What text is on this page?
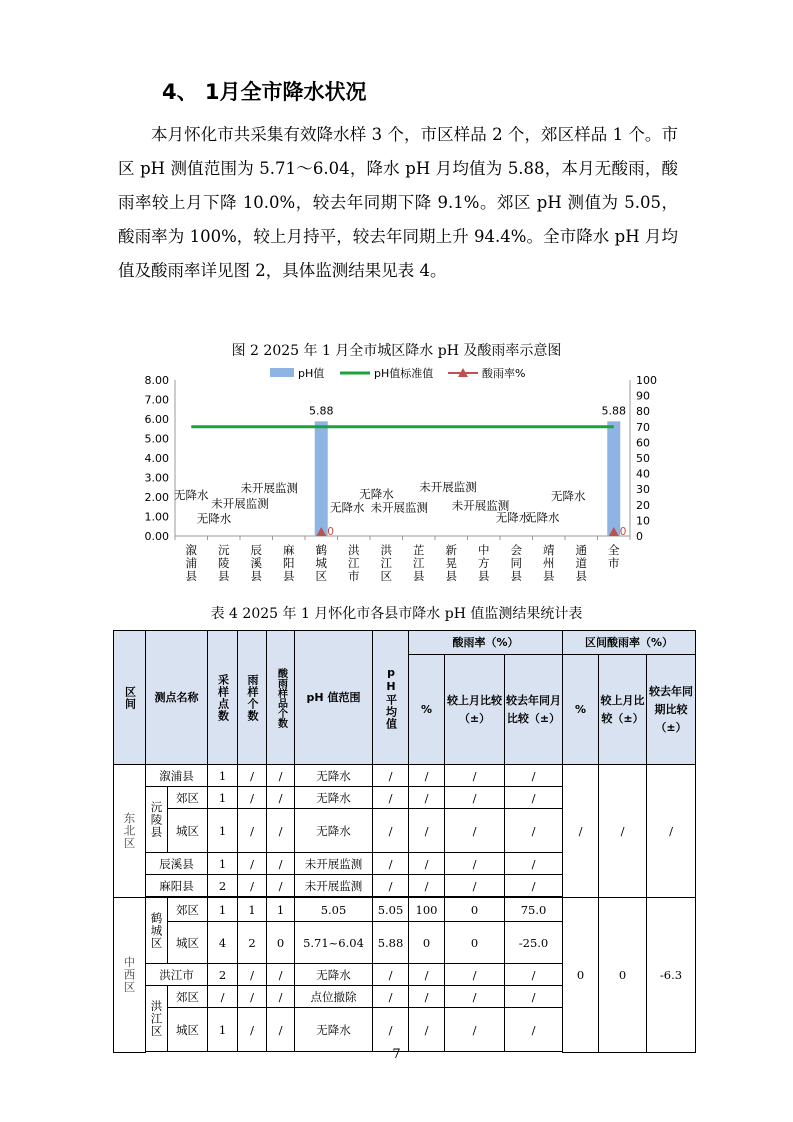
4、 1月全市降水状况
本月怀化市共采集有效降水样 3 个，市区样品 2 个，郊区样品 1 个。市区 pH 测值范围为 5.71～6.04，降水 pH 月均值为 5.88，本月无酸雨，酸雨率较上月下降 10.0%，较去年同期下降 9.1%。郊区 pH 测值为 5.05，酸雨率为 100%，较上月持平，较去年同期上升 94.4%。全市降水 pH 月均值及酸雨率详见图 2，具体监测结果见表 4。
图 2 2025 年 1 月全市城区降水 pH 及酸雨率示意图
0.00
1.00
2.00
3.00
4.00
5.00
6.00
7.00
8.00
0
10
20
30
40
50
60
70
80
90
100
溆浦县
沅陵县
辰溪县
麻阳县
鹤城区
洪江市
洪江区
芷江县
新晃县
中方县
会同县
靖州县
通道县
全市
5.88	5.88
0	0
无降水
无降水
未开展监测
未开展监测
无降水
无降水
未开展监测
未开展监测
未开展监测
无降水
无降水
无降水
pH值	pH值标准值	酸雨率%
表 4 2025 年 1 月怀化市各县市降水 pH 值监测结果统计表
区间	测点名称		采样点数	雨样个数	酸雨样品个数	pH 值范围	pH平均值	酸雨率（%）			区间酸雨率（%）		
								%	较上月比较（±）	较去年同月比较（±）	%	较上月比较（±）	较去年同期比较（±）

东北区	溆浦县		1	/	/	无降水	/	/	/	/	/	/	/

	沅陵县	郊区	1	/	/	无降水	/	/	/	/			
		城区	1	/	/	无降水	/	/	/	/			
	辰溪县		1	/	/	未开展监测	/	/	/	/			
	麻阳县		2	/	/	未开展监测	/	/	/	/			

中西区	鹤城区	郊区	1	1	1	5.05	5.05	100	0	75.0	0	0	-6.3
		城区	4	2	0	5.71~6.04	5.88	0	0	-25.0			
	洪江市		2	/	/	无降水	/	/	/	/			

	洪江区	郊区	/	/	/	点位撤除	/	/	/	/			
		城区	1	/	/	无降水	/	/	/	/			

7
